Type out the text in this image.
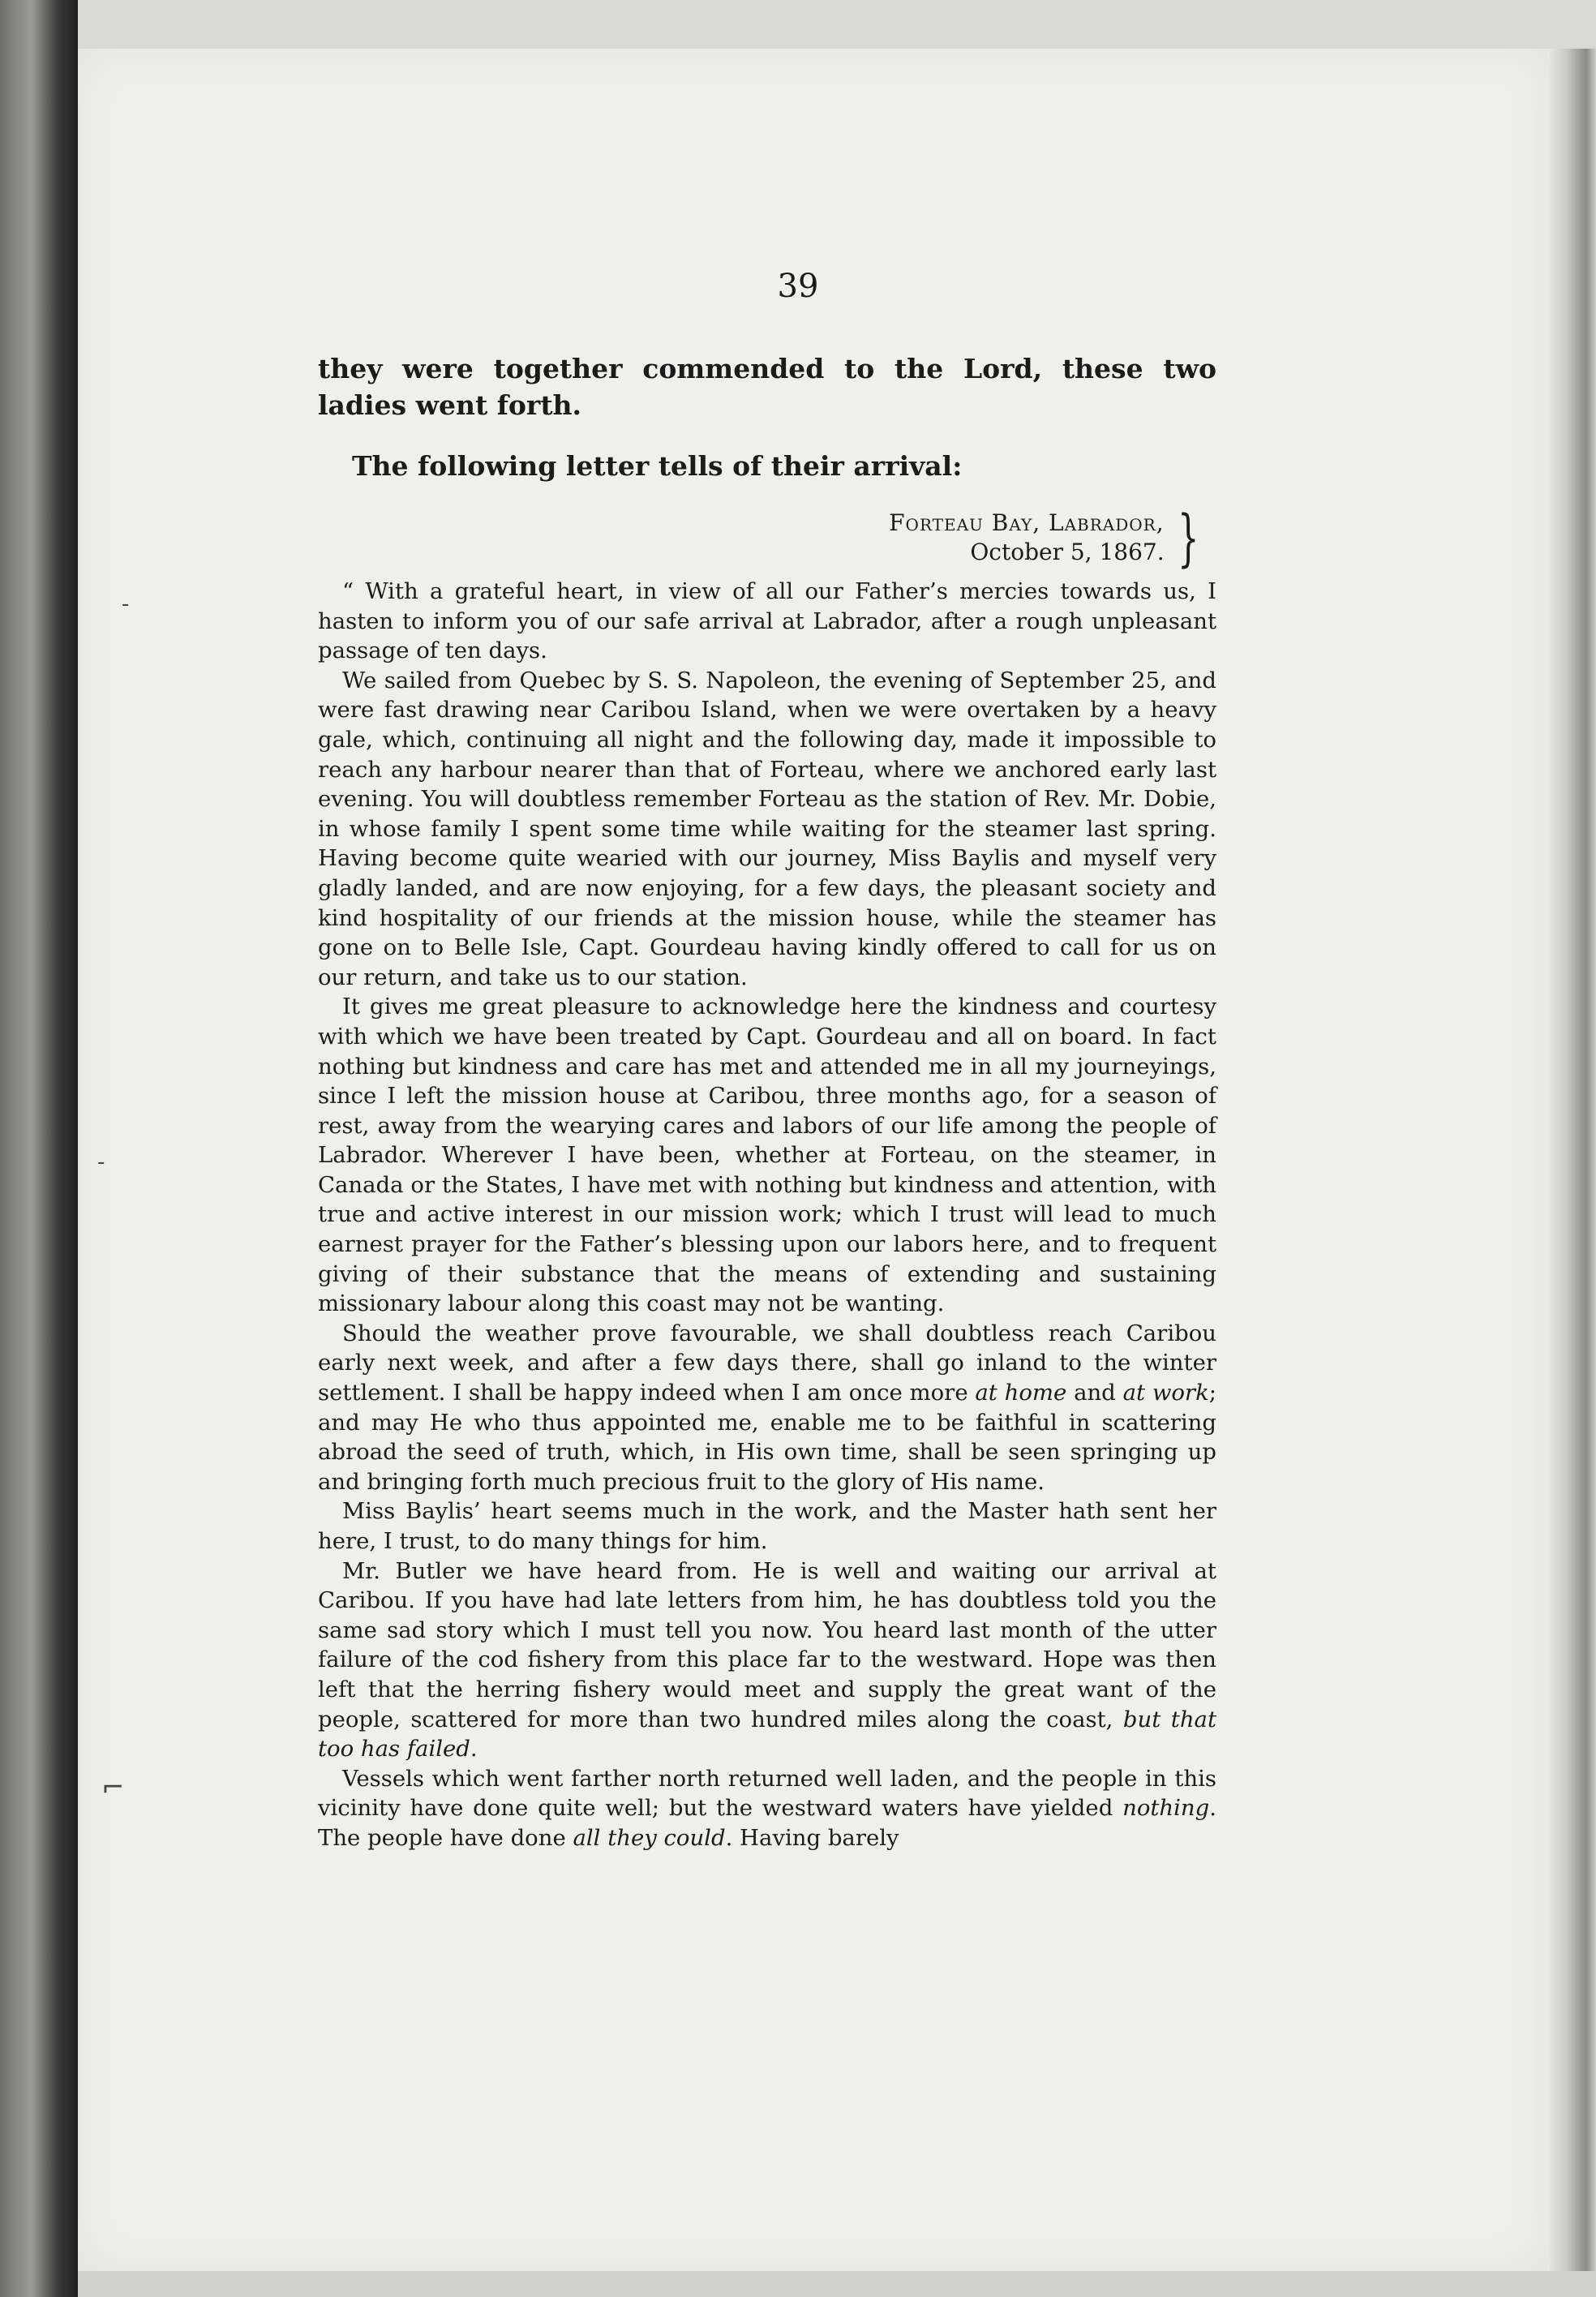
‑
‑
⌐
39

they were together commended to the Lord, these two ladies went forth.

The following letter tells of their arrival:

Forteau Bay, Labrador,
October 5, 1867. }

“ With a grateful heart, in view of all our Father’s mercies towards us, I hasten to inform you of our safe arrival at Labrador, after a rough unpleasant passage of ten days.

We sailed from Quebec by S. S. Napoleon, the evening of September 25, and were fast drawing near Caribou Island, when we were overtaken by a heavy gale, which, continuing all night and the following day, made it impossible to reach any harbour nearer than that of Forteau, where we anchored early last evening. You will doubtless remember Forteau as the station of Rev. Mr. Dobie, in whose family I spent some time while waiting for the steamer last spring. Having become quite wearied with our journey, Miss Baylis and myself very gladly landed, and are now enjoying, for a few days, the pleasant society and kind hospitality of our friends at the mission house, while the steamer has gone on to Belle Isle, Capt. Gourdeau having kindly offered to call for us on our return, and take us to our station.

It gives me great pleasure to acknowledge here the kindness and courtesy with which we have been treated by Capt. Gourdeau and all on board. In fact nothing but kindness and care has met and attended me in all my journeyings, since I left the mission house at Caribou, three months ago, for a season of rest, away from the wearying cares and labors of our life among the people of Labrador. Wherever I have been, whether at Forteau, on the steamer, in Canada or the States, I have met with nothing but kindness and attention, with true and active interest in our mission work; which I trust will lead to much earnest prayer for the Father’s blessing upon our labors here, and to frequent giving of their substance that the means of extending and sustaining missionary labour along this coast may not be wanting.

Should the weather prove favourable, we shall doubtless reach Caribou early next week, and after a few days there, shall go inland to the winter settlement. I shall be happy indeed when I am once more at home and at work; and may He who thus appointed me, enable me to be faithful in scattering abroad the seed of truth, which, in His own time, shall be seen springing up and bringing forth much precious fruit to the glory of His name.

Miss Baylis’ heart seems much in the work, and the Master hath sent her here, I trust, to do many things for him.

Mr. Butler we have heard from. He is well and waiting our arrival at Caribou. If you have had late letters from him, he has doubtless told you the same sad story which I must tell you now. You heard last month of the utter failure of the cod fishery from this place far to the westward. Hope was then left that the herring fishery would meet and supply the great want of the people, scattered for more than two hundred miles along the coast, but that too has failed.

Vessels which went farther north returned well laden, and the people in this vicinity have done quite well; but the westward waters have yielded nothing. The people have done all they could. Having barely
